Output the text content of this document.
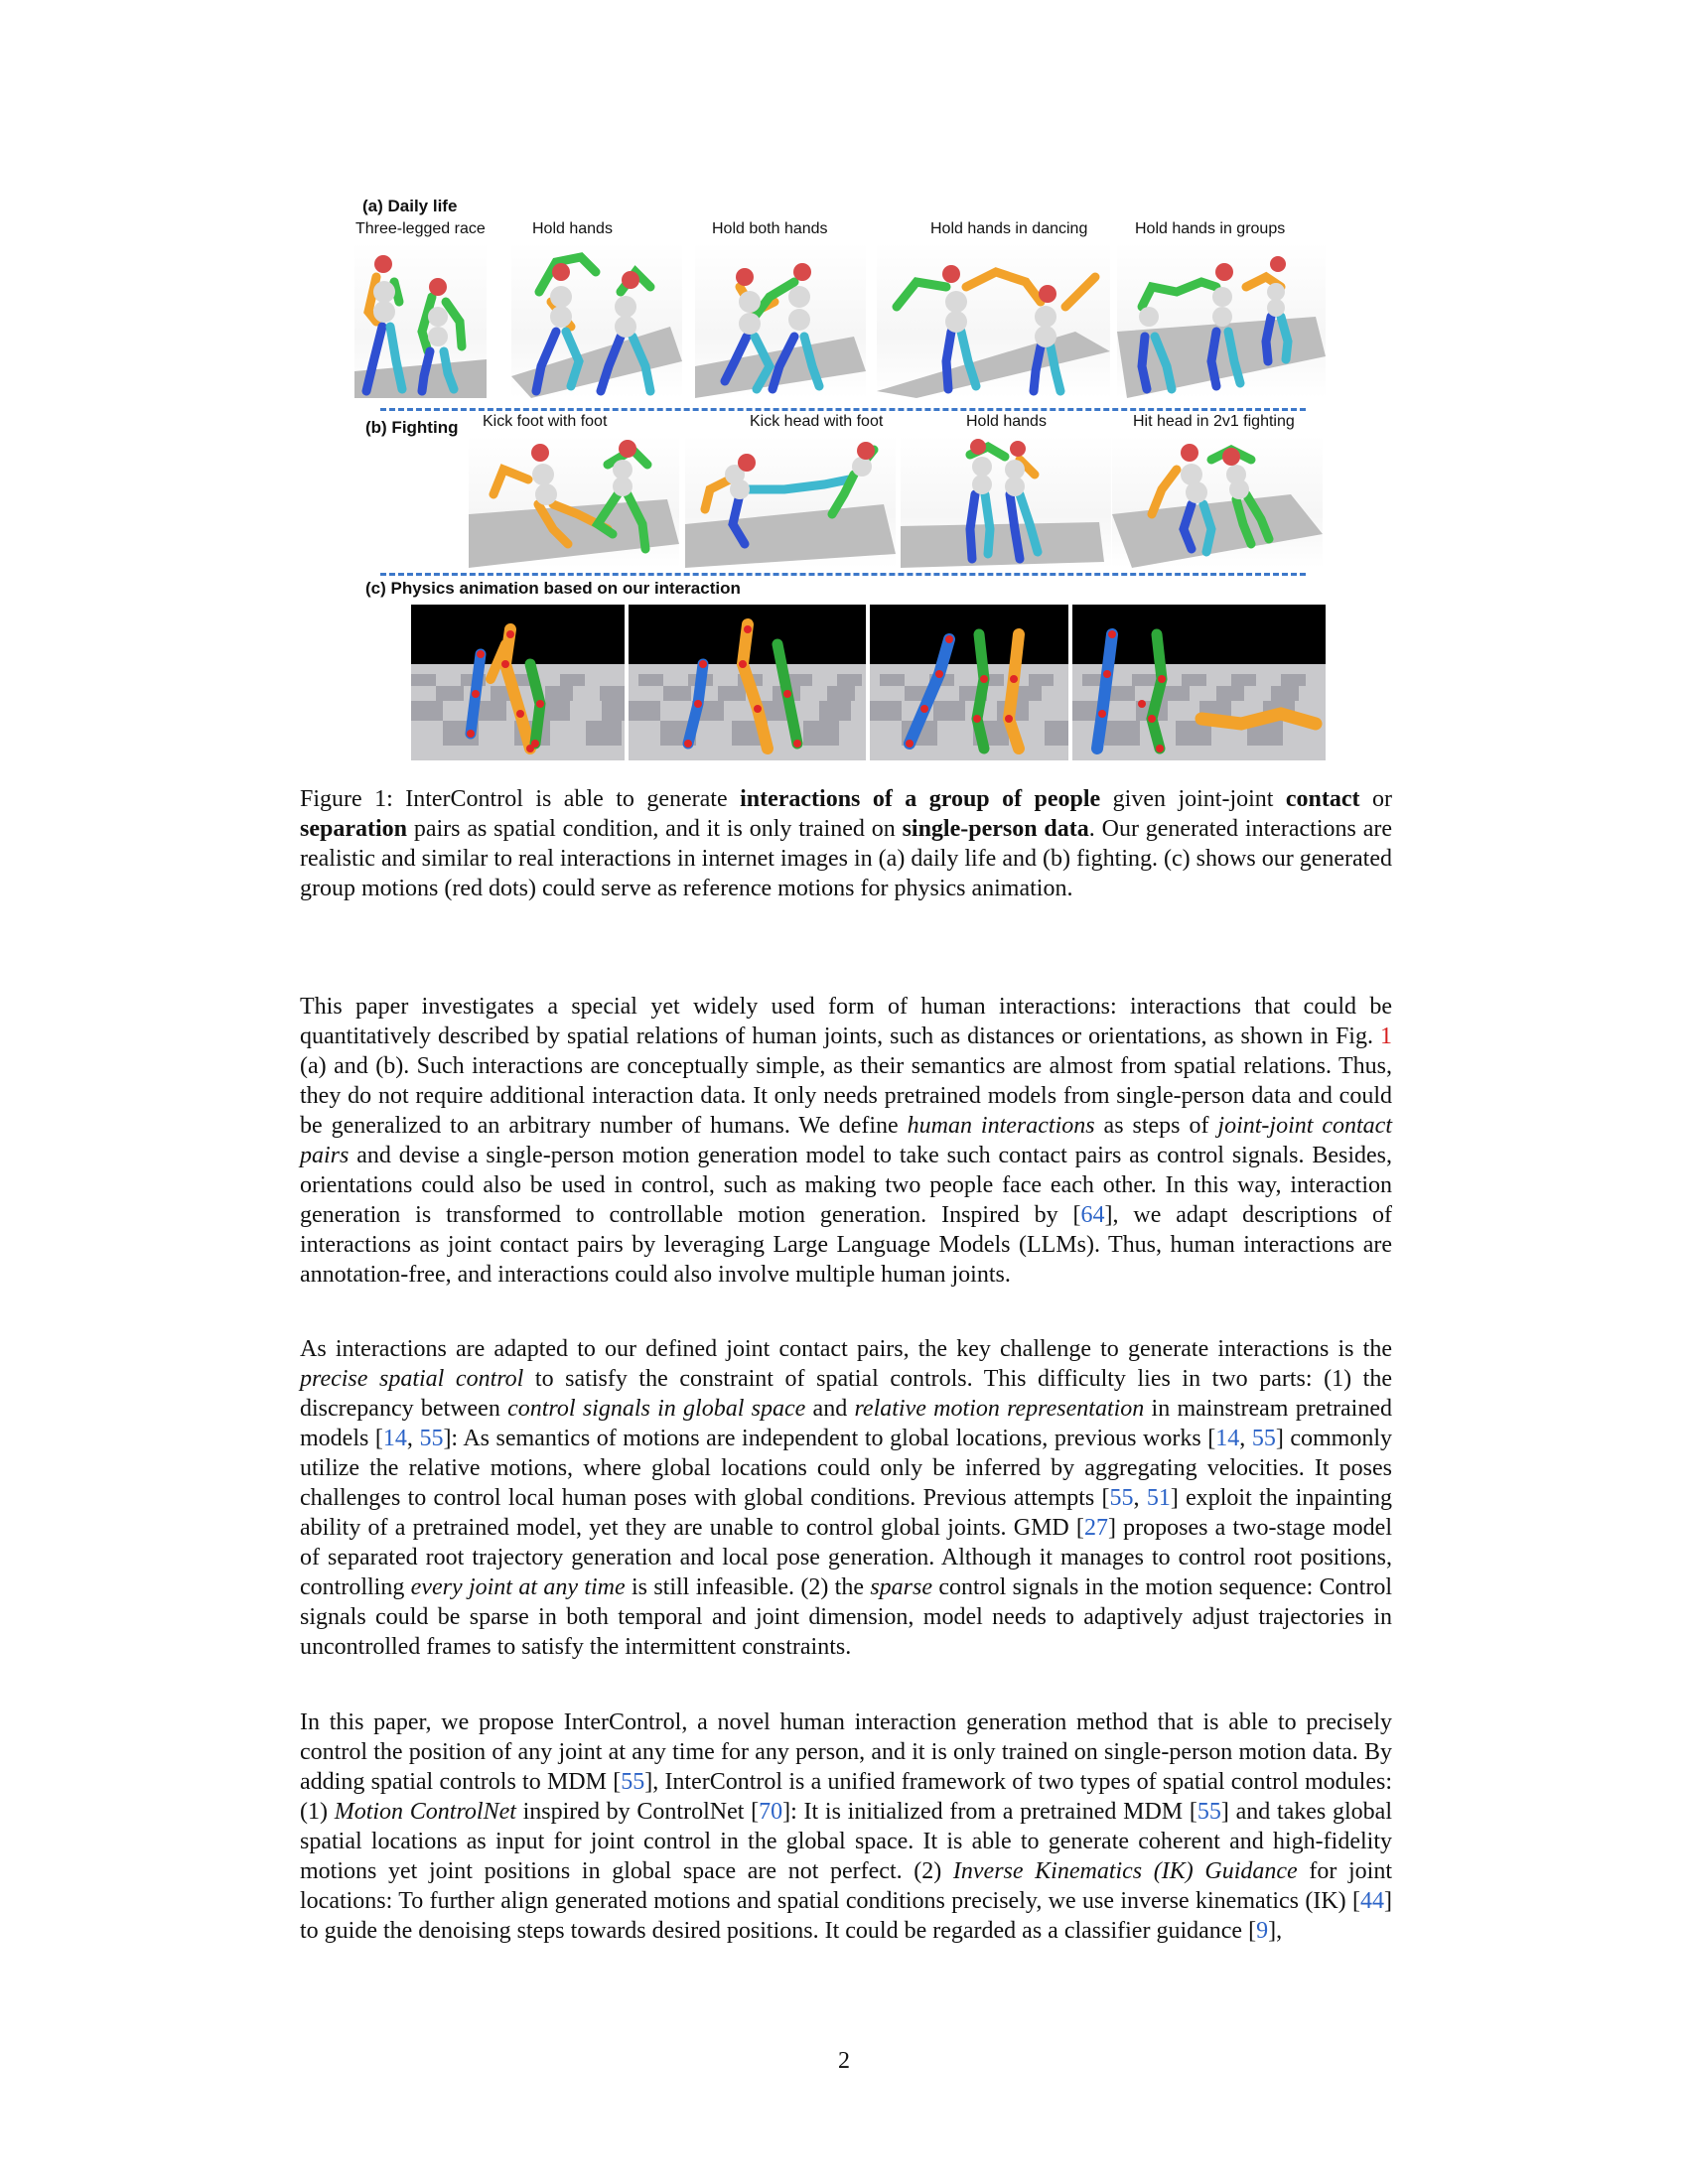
(a) Daily life
Three-legged race	Hold hands	Hold both hands	Hold hands in dancing	Hold hands in groups
(b) Fighting Kick foot with foot	Kick head with foot	Hold hands	Hit head in 2v1 fighting
(c) Physics animation based on our interaction
Figure 1: InterControl is able to generate interactions of a group of people given joint-joint contact or separation pairs as spatial condition, and it is only trained on single-person data. Our generated interactions are realistic and similar to real interactions in internet images in (a) daily life and (b) fighting. (c) shows our generated group motions (red dots) could serve as reference motions for physics animation.

This paper investigates a special yet widely used form of human interactions: interactions that could be quantitatively described by spatial relations of human joints, such as distances or orientations, as shown in Fig. 1 (a) and (b). Such interactions are conceptually simple, as their semantics are almost from spatial relations. Thus, they do not require additional interaction data. It only needs pretrained models from single-person data and could be generalized to an arbitrary number of humans. We define human interactions as steps of joint-joint contact pairs and devise a single-person motion generation model to take such contact pairs as control signals. Besides, orientations could also be used in control, such as making two people face each other. In this way, interaction generation is transformed to controllable motion generation. Inspired by [64], we adapt descriptions of interactions as joint contact pairs by leveraging Large Language Models (LLMs). Thus, human interactions are annotation-free, and interactions could also involve multiple human joints.

As interactions are adapted to our defined joint contact pairs, the key challenge to generate interactions is the precise spatial control to satisfy the constraint of spatial controls. This difficulty lies in two parts: (1) the discrepancy between control signals in global space and relative motion representation in mainstream pretrained models [14, 55]: As semantics of motions are independent to global locations, previous works [14, 55] commonly utilize the relative motions, where global locations could only be inferred by aggregating velocities. It poses challenges to control local human poses with global conditions. Previous attempts [55, 51] exploit the inpainting ability of a pretrained model, yet they are unable to control global joints. GMD [27] proposes a two-stage model of separated root trajectory generation and local pose generation. Although it manages to control root positions, controlling every joint at any time is still infeasible. (2) the sparse control signals in the motion sequence: Control signals could be sparse in both temporal and joint dimension, model needs to adaptively adjust trajectories in uncontrolled frames to satisfy the intermittent constraints.

In this paper, we propose InterControl, a novel human interaction generation method that is able to precisely control the position of any joint at any time for any person, and it is only trained on single-person motion data. By adding spatial controls to MDM [55], InterControl is a unified framework of two types of spatial control modules: (1) Motion ControlNet inspired by ControlNet [70]: It is initialized from a pretrained MDM [55] and takes global spatial locations as input for joint control in the global space. It is able to generate coherent and high-fidelity motions yet joint positions in global space are not perfect. (2) Inverse Kinematics (IK) Guidance for joint locations: To further align generated motions and spatial conditions precisely, we use inverse kinematics (IK) [44] to guide the denoising steps towards desired positions. It could be regarded as a classifier guidance [9],

2
